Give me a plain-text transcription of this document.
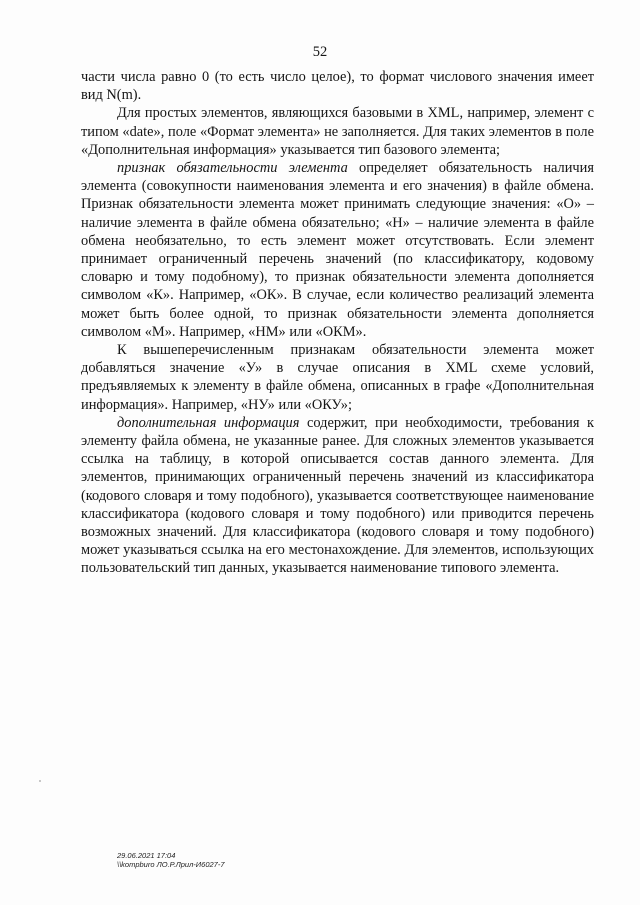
52

части числа равно 0 (то есть число целое), то формат числового значения имеет вид N(m).

Для простых элементов, являющихся базовыми в XML, например, элемент с типом «date», поле «Формат элемента» не заполняется. Для таких элементов в поле «Дополнительная информация» указывается тип базового элемента;

признак обязательности элемента определяет обязательность наличия элемента (совокупности наименования элемента и его значения) в файле обмена. Признак обязательности элемента может принимать следующие значения: «О» – наличие элемента в файле обмена обязательно; «Н» – наличие элемента в файле обмена необязательно, то есть элемент может отсутствовать. Если элемент принимает ограниченный перечень значений (по классификатору, кодовому словарю и тому подобному), то признак обязательности элемента дополняется символом «К». Например, «ОК». В случае, если количество реализаций элемента может быть более одной, то признак обязательности элемента дополняется символом «М». Например, «НМ» или «ОКМ».

К вышеперечисленным признакам обязательности элемента может добавляться значение «У» в случае описания в XML схеме условий, предъявляемых к элементу в файле обмена, описанных в графе «Дополнительная информация». Например, «НУ» или «ОКУ»;

дополнительная информация содержит, при необходимости, требования к элементу файла обмена, не указанные ранее. Для сложных элементов указывается ссылка на таблицу, в которой описывается состав данного элемента. Для элементов, принимающих ограниченный перечень значений из классификатора (кодового словаря и тому подобного), указывается соответствующее наименование классификатора (кодового словаря и тому подобного) или приводится перечень возможных значений. Для классификатора (кодового словаря и тому подобного) может указываться ссылка на его местонахождение. Для элементов, использующих пользовательский тип данных, указывается наименование типового элемента.

29.06.2021 17:04
\\kompburo ЛО.Р.Лрил-И6027-7
